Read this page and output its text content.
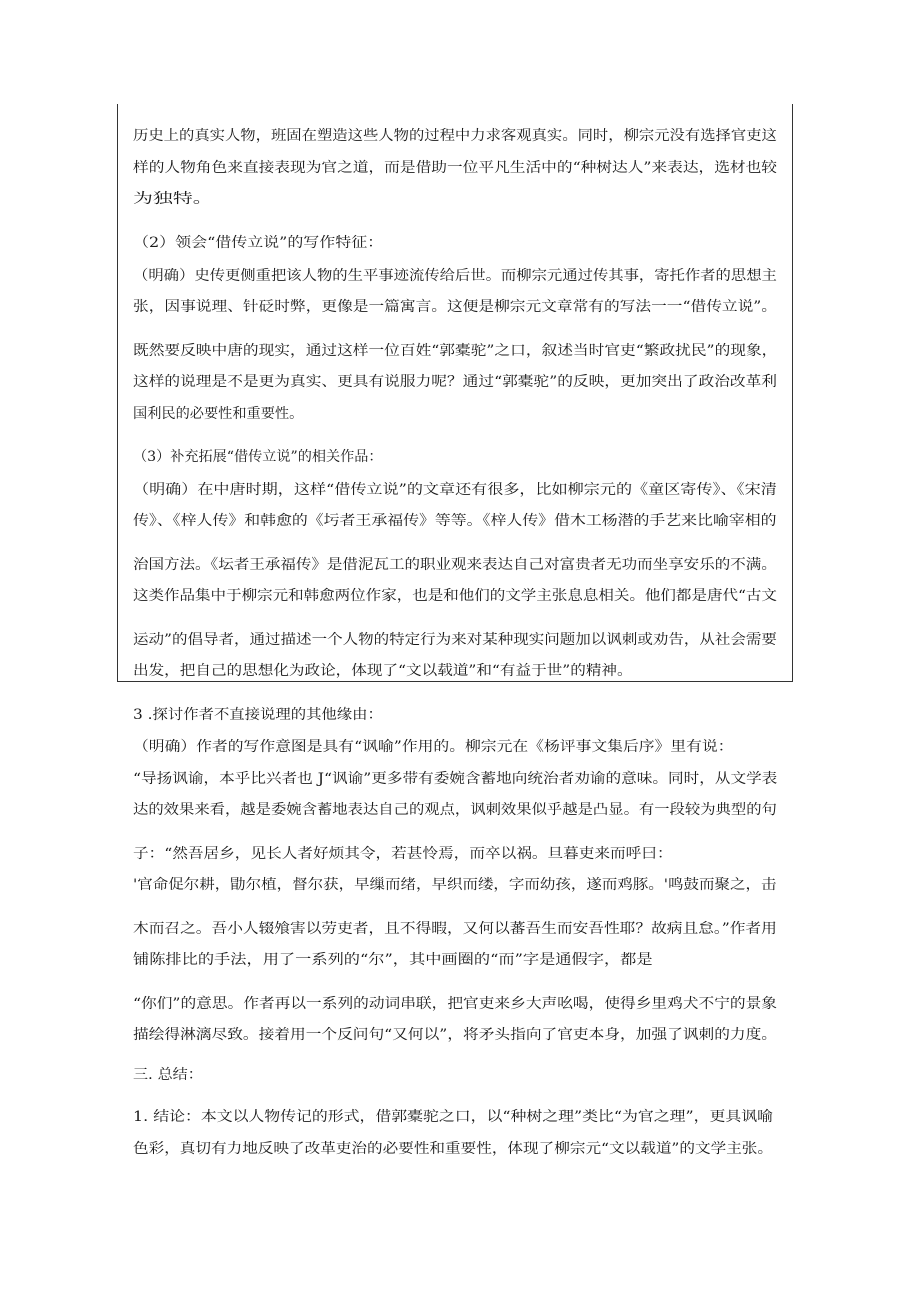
历史上的真实人物，班固在塑造这些人物的过程中力求客观真实。同时，柳宗元没有选择官吏这
样的人物角色来直接表现为官之道，而是借助一位平凡生活中的“种树达人”来表达，选材也较
为独特。
（2）领会“借传立说”的写作特征：
（明确）史传更侧重把该人物的生平事迹流传给后世。而柳宗元通过传其事，寄托作者的思想主
张，因事说理、针砭时弊，更像是一篇寓言。这便是柳宗元文章常有的写法一一“借传立说”。
既然要反映中唐的现实，通过这样一位百姓“郭橐驼”之口，叙述当时官吏“繁政扰民”的现象，
这样的说理是不是更为真实、更具有说服力呢？通过“郭橐驼”的反映，更加突出了政治改革利
国利民的必要性和重要性。
（3）补充拓展“借传立说”的相关作品：
（明确）在中唐时期，这样“借传立说”的文章还有很多，比如柳宗元的《童区寄传》、《宋清
传》、《梓人传》和韩愈的《圬者王承福传》等等。《梓人传》借木工杨潜的手艺来比喻宰相的
治国方法。《坛者王承福传》是借泥瓦工的职业观来表达自己对富贵者无功而坐享安乐的不满。
这类作品集中于柳宗元和韩愈两位作家，也是和他们的文学主张息息相关。他们都是唐代“古文
运动”的倡导者，通过描述一个人物的特定行为来对某种现实问题加以讽刺或劝告，从社会需要
出发，把自己的思想化为政论，体现了“文以载道”和“有益于世”的精神。
3 .探讨作者不直接说理的其他缘由：
（明确）作者的写作意图是具有“讽喻”作用的。柳宗元在《杨评事文集后序》里有说：
“导扬讽谕，本乎比兴者也 J“讽谕”更多带有委婉含蓄地向统治者劝谕的意味。同时，从文学表
达的效果来看，越是委婉含蓄地表达自己的观点，讽刺效果似乎越是凸显。有一段较为典型的句
子：“然吾居乡，见长人者好烦其令，若甚怜焉，而卒以祸。旦暮吏来而呼曰：
'官命促尔耕，勖尔植，督尔获，早缫而绪，早织而缕，字而幼孩，遂而鸡豚。'鸣鼓而聚之，击
木而召之。吾小人辍飧害以劳吏者，且不得暇，又何以蕃吾生而安吾性耶？故病且怠。”作者用
铺陈排比的手法，用了一系列的“尔”，其中画圈的“而”字是通假字，都是
“你们”的意思。作者再以一系列的动词串联，把官吏来乡大声吆喝，使得乡里鸡犬不宁的景象
描绘得淋漓尽致。接着用一个反问句“又何以”，将矛头指向了官吏本身，加强了讽刺的力度。
三. 总结：
1. 结论：本文以人物传记的形式，借郭橐驼之口，以“种树之理”类比“为官之理”，更具讽喻
色彩，真切有力地反映了改革吏治的必要性和重要性，体现了柳宗元“文以载道”的文学主张。
